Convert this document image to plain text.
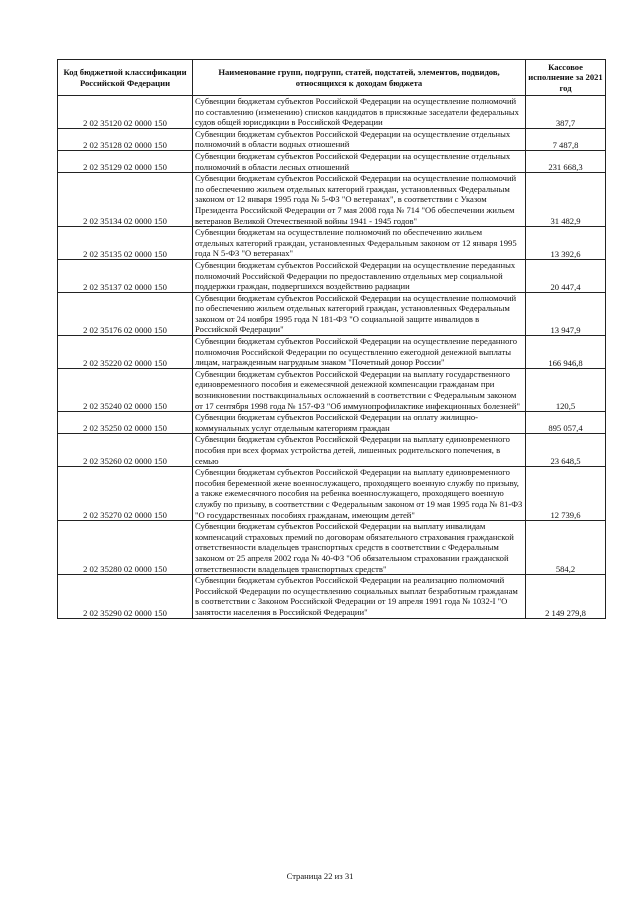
Код бюджетной классификации Российской Федерации	Наименование групп, подгрупп, статей, подстатей, элементов, подвидов, относящихся к доходам бюджета	Кассовое исполнение за 2021 год
2 02 35120 02 0000 150	Субвенции бюджетам субъектов Российской Федерации на осуществление полномочий по составлению (изменению) списков кандидатов в присяжные заседатели федеральных судов общей юрисдикции в Российской Федерации	387,7
2 02 35128 02 0000 150	Субвенции бюджетам субъектов Российской Федерации на осуществление отдельных полномочий в области водных отношений	7 487,8
2 02 35129 02 0000 150	Субвенции бюджетам субъектов Российской Федерации на осуществление отдельных полномочий в области лесных отношений	231 668,3
2 02 35134 02 0000 150	Субвенции бюджетам субъектов Российской Федерации на осуществление полномочий по обеспечению жильем отдельных категорий граждан, установленных Федеральным законом от 12 января 1995 года № 5-ФЗ "О ветеранах", в соответствии с Указом Президента Российской Федерации от 7 мая 2008 года № 714 "Об обеспечении жильем ветеранов Великой Отечественной войны 1941 - 1945 годов"	31 482,9
2 02 35135 02 0000 150	Субвенции бюджетам на осуществление полномочий по обеспечению жильем отдельных категорий граждан, установленных Федеральным законом от 12 января 1995 года N 5-ФЗ "О ветеранах"	13 392,6
2 02 35137 02 0000 150	Субвенции бюджетам субъектов Российской Федерации на осуществление переданных полномочий Российской Федерации по предоставлению отдельных мер социальной поддержки граждан, подвергшихся воздействию радиации	20 447,4
2 02 35176 02 0000 150	Субвенции бюджетам субъектов Российской Федерации на осуществление полномочий по обеспечению жильем отдельных категорий граждан, установленных Федеральным законом от 24 ноября 1995 года N 181-ФЗ "О социальной защите инвалидов в Российской Федерации"	13 947,9
2 02 35220 02 0000 150	Субвенции бюджетам субъектов Российской Федерации на осуществление переданного полномочия Российской Федерации по осуществлению ежегодной денежной выплаты лицам, награжденным нагрудным знаком "Почетный донор России"	166 946,8
2 02 35240 02 0000 150	Субвенции бюджетам субъектов Российской Федерации на выплату государственного единовременного пособия и ежемесячной денежной компенсации гражданам при возникновении поствакцинальных осложнений в соответствии с Федеральным законом от 17 сентября 1998 года № 157-ФЗ "Об иммунопрофилактике инфекционных болезней"	120,5
2 02 35250 02 0000 150	Субвенции бюджетам субъектов Российской Федерации на оплату жилищно-коммунальных услуг отдельным категориям граждан	895 057,4
2 02 35260 02 0000 150	Субвенции бюджетам субъектов Российской Федерации на выплату единовременного пособия при всех формах устройства детей, лишенных родительского попечения, в семью	23 648,5
2 02 35270 02 0000 150	Субвенции бюджетам субъектов Российской Федерации на выплату единовременного пособия беременной жене военнослужащего, проходящего военную службу по призыву, а также ежемесячного пособия на ребенка военнослужащего, проходящего военную службу по призыву, в соответствии с Федеральным законом от 19 мая 1995 года № 81-ФЗ "О государственных пособиях гражданам, имеющим детей"	12 739,6
2 02 35280 02 0000 150	Субвенции бюджетам субъектов Российской Федерации на выплату инвалидам компенсаций страховых премий по договорам обязательного страхования гражданской ответственности владельцев транспортных средств в соответствии с Федеральным законом от 25 апреля 2002 года № 40-ФЗ "Об обязательном страховании гражданской ответственности владельцев транспортных средств"	584,2
2 02 35290 02 0000 150	Субвенции бюджетам субъектов Российской Федерации на реализацию полномочий Российской Федерации по осуществлению социальных выплат безработным гражданам в соответствии с Законом Российской Федерации от 19 апреля 1991 года № 1032-I "О занятости населения в Российской Федерации"	2 149 279,8
Страница 22 из 31
